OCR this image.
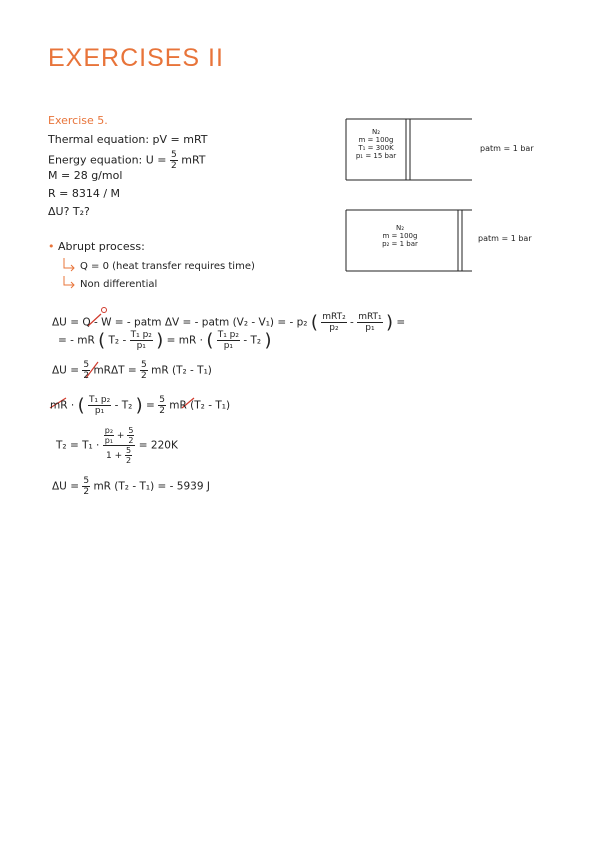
EXERCISES II
Exercise 5.
Thermal equation: pV = mRT
Energy equation: $U = \frac{5}{2}$ mRT
M = 28 g/mol
R = 8314 / M
ΔU? T₂?
N₂
m = 100g
T₁ = 300K
p₁ = 15 bar
patm = 1 bar
N₂
m = 100g
p₂ = 1 bar
patm = 1 bar
• Abrupt process:
Q = 0 (heat transfer requires time)
Non differential
ΔU = Q - W = - patm ΔV = - patm (V₂ - V₁) = - p₂ ( $\frac{\text{mRT₂}}{\text{p₂}} - \frac{\text{mRT₁}}{\text{p₁}}$ ) =
= - mR ( $T_2 - \frac{\text{T₁ p₂}}{\text{p₁}}$ ) = mR · ( $\frac{\text{T₁ p₂}}{\text{p₁}} - T_2$ )
$\Delta U = \frac{5}{2}$ $mR\Delta T = \frac{5}{2}$ mR (T₂ - T₁)
mR · ( $\frac{\text{T₁ p₂}}{\text{p₁}} - T_2$ ) = $\frac{5}{2}$ mR (T₂ - T₁)
$T_2 = T_1 \cdot \frac{\frac{\text{p₂}}{\text{p₁}} + \frac{5}{2}}{1 + \frac{5}{2}} = 220K$
$\Delta U = \frac{5}{2}$ mR (T₂ - T₁) = - 5939 J
